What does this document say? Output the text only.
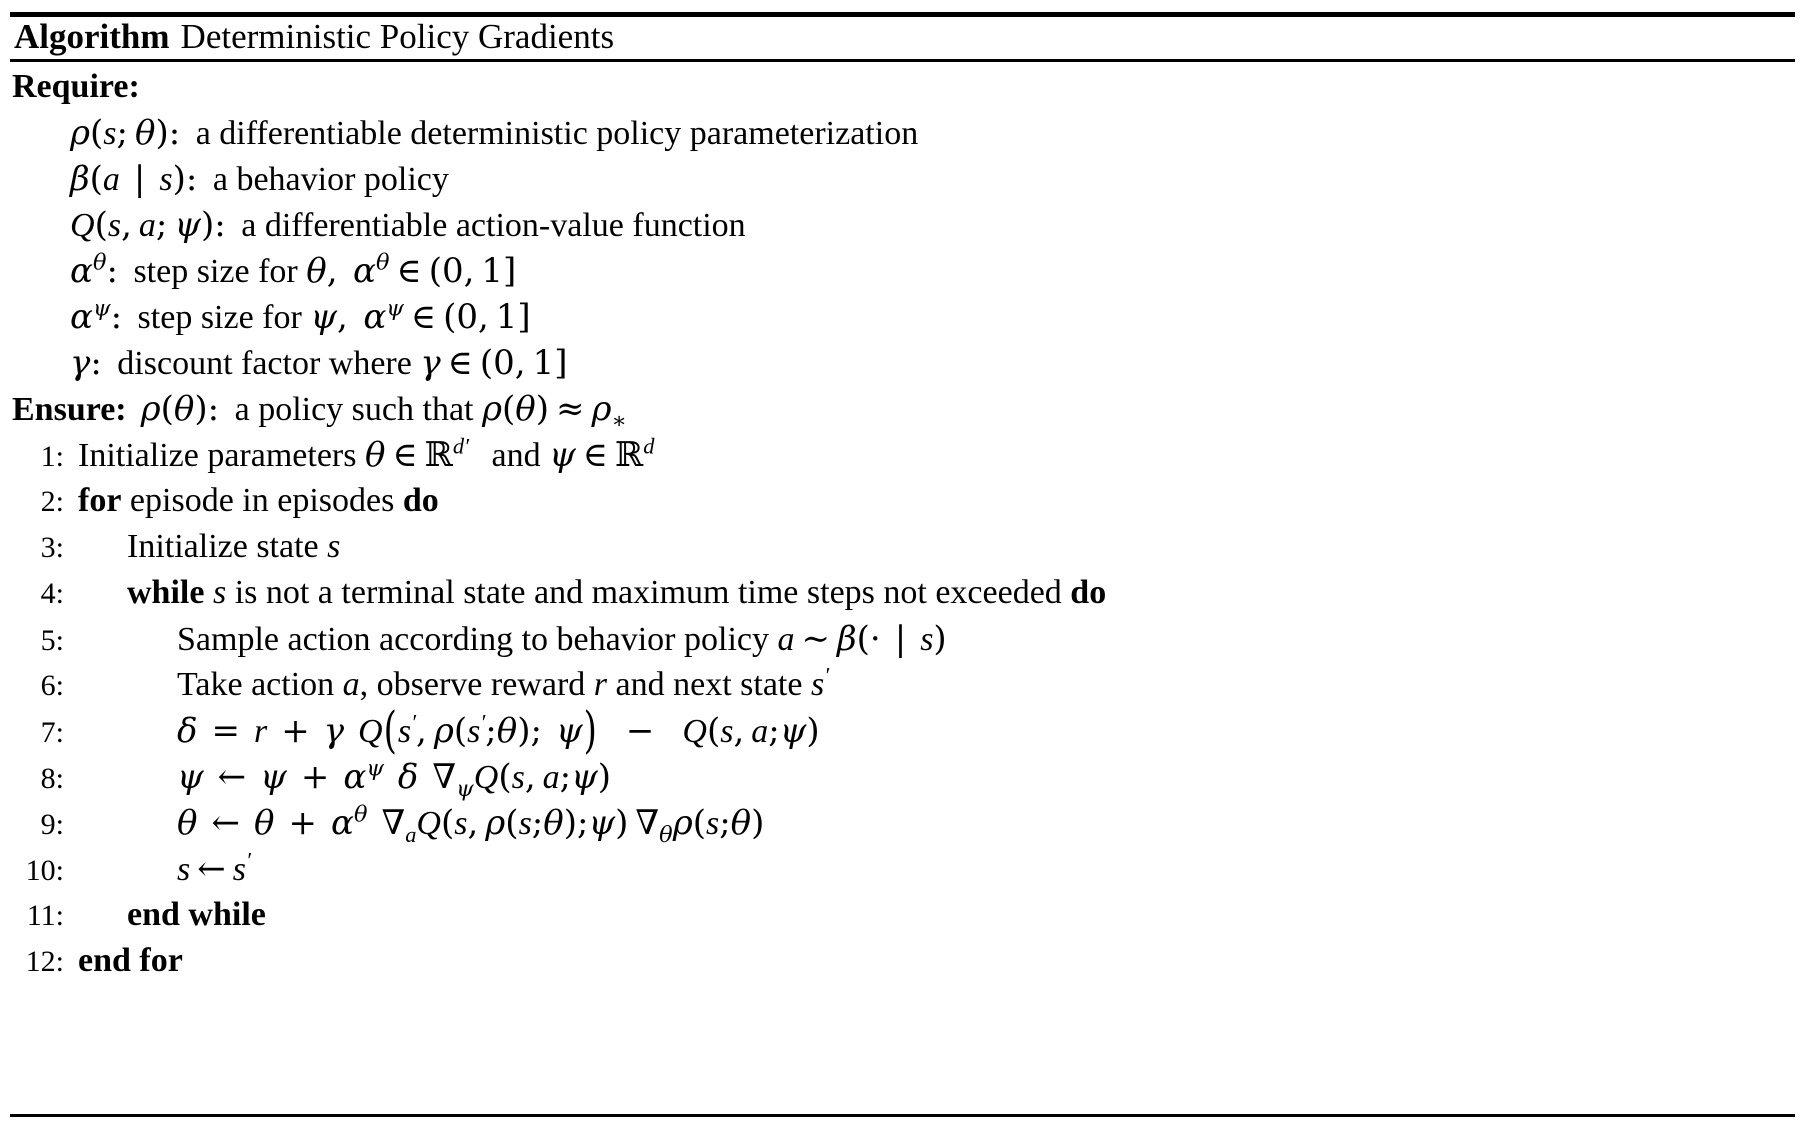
Algorithm Deterministic Policy Gradients
Require:
ρ(s; θ): a differentiable deterministic policy parameterization
β(a | s): a behavior policy
Q(s, a; ψ): a differentiable action-value function
$\alpha^\theta$: step size for θ, $\alpha^\theta$ ∈ (0, 1]
$\alpha^\psi$: step size for ψ, $\alpha^\psi$ ∈ (0, 1]
γ: discount factor where γ ∈ (0, 1]
Ensure: ρ(θ): a policy such that $\rho(\theta) \approx \rho_∗$
1: Initialize parameters θ ∈ ℝ$^{d'}$ and ψ ∈ ℝ$^d$
2: for episode in episodes do
3:	Initialize state s
4:	while s is not a terminal state and maximum time steps not exceeded do
5:	Sample action according to behavior policy a ∼ β(· | s)
6:	Take action a, observe reward r and next state s′
7:	δ = r + γ Q(s′, ρ(s′;θ); ψ) − Q(s, a;ψ)
8:	ψ ← $\psi + \alpha^\psi$ δ $\nabla_\psi Q(s$, a;ψ)
9:	θ ← $\theta + \alpha^\theta$ $\nabla_aQ(s$, ρ(s;θ);ψ) $\nabla_\theta\rho(s;\theta)$
10:	s ← s′
11:	end while
12: end for
